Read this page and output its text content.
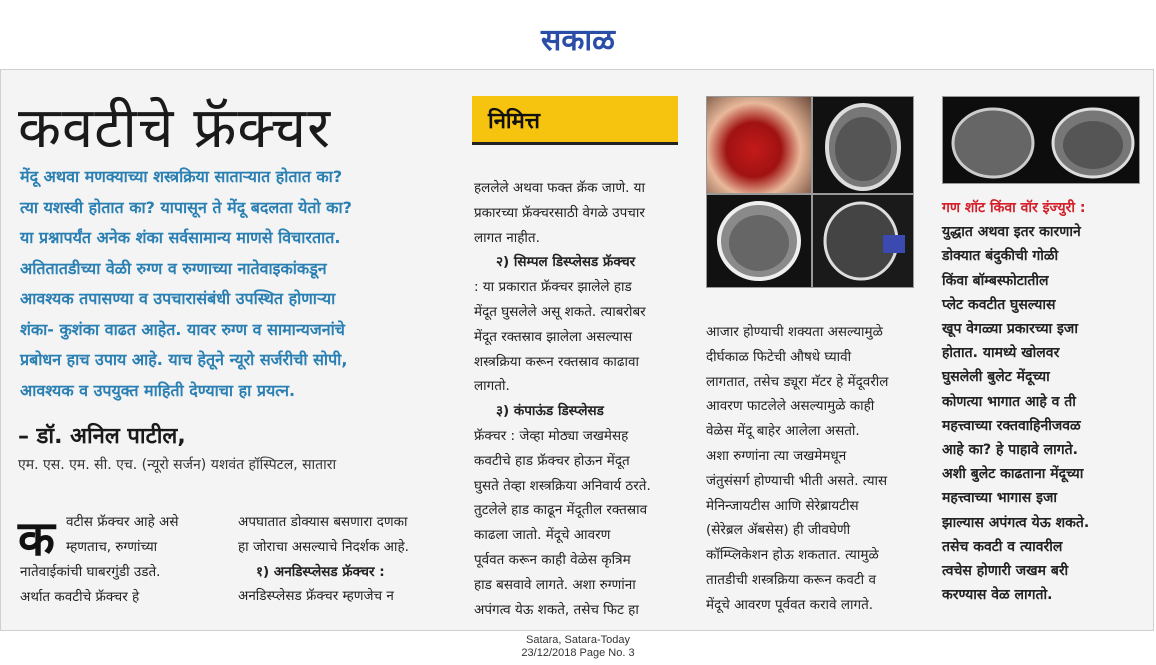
सकाळ
कवटीचे फ्रॅक्चर
मेंदू अथवा मणक्याच्या शस्त्रक्रिया सातार्‍यात होतात का?
त्या यशस्वी होतात का? यापासून ते मेंदू बदलता येतो का?
या प्रश्नापर्यंत अनेक शंका सर्वसामान्य माणसे विचारतात.
अतितातडीच्या वेळी रुग्ण व रुग्णाच्या नातेवाइकांकडून
आवश्यक तपासण्या व उपचारासंबंधी उपस्थित होणाऱ्या
शंका- कुशंका वाढत आहेत. यावर रुग्ण व सामान्यजनांचे
प्रबोधन हाच उपाय आहे. याच हेतूने न्यूरो सर्जरीची सोपी,
आवश्यक व उपयुक्त माहिती देण्याचा हा प्रयत्न.
– डॉ. अनिल पाटील,
एम. एस. एम. सी. एच. (न्यूरो सर्जन) यशवंत हॉस्पिटल, सातारा
क वटीस फ्रॅक्चर आहे असे
म्हणताच, रुग्णांच्या
नातेवाईकांची घाबरगुंडी उडते.
अर्थात कवटीचे फ्रॅक्चर हे
अपघातात डोक्यास बसणारा दणका
हा जोराचा असल्याचे निदर्शक आहे.
१) अनडिस्प्लेसड फ्रॅक्चर :
अनडिस्प्लेसड फ्रॅक्चर म्हणजेच न
निमित्त
हललेले अथवा फक्त क्रॅक जाणे. या
प्रकारच्या फ्रॅक्चरसाठी वेगळे उपचार
लागत नाहीत.
२) सिम्पल डिस्प्लेसड फ्रॅक्चर
: या प्रकारात फ्रॅक्चर झालेले हाड
मेंदूत घुसलेले असू शकते. त्याबरोबर
मेंदूत रक्तस्राव झालेला असल्यास
शस्त्रक्रिया करून रक्तस्राव काढावा
लागतो.
३) कंपाऊंड डिस्प्लेसड
फ्रॅक्चर : जेव्हा मोठ्या जखमेसह
कवटीचे हाड फ्रॅक्चर होऊन मेंदूत
घुसते तेव्हा शस्त्रक्रिया अनिवार्य ठरते.
तुटलेले हाड काढून मेंदूतील रक्तस्राव
काढला जातो. मेंदूचे आवरण
पूर्ववत करून काही वेळेस कृत्रिम
हाड बसवावे लागते. अशा रुग्णांना
अपंगत्व येऊ शकते, तसेच फिट हा
आजार होण्याची शक्यता असल्यामुळे
दीर्घकाळ फिटेची औषधे घ्यावी
लागतात, तसेच ड्यूरा मॅटर हे मेंदूवरील
आवरण फाटलेले असल्यामुळे काही
वेळेस मेंदू बाहेर आलेला असतो.
अशा रुग्णांना त्या जखमेमधून
जंतुसंसर्ग होण्याची भीती असते. त्यास
मेनिन्जायटीस आणि सेरेब्रायटीस
(सेरेब्रल ॲबसेस) ही जीवघेणी
कॉम्प्लिकेशन होऊ शकतात. त्यामुळे
तातडीची शस्त्रक्रिया करून कवटी व
मेंदूचे आवरण पूर्ववत करावे लागते.
गण शॉट किंवा वॉर इंज्युरी :
युद्धात अथवा इतर कारणाने
डोक्यात बंदुकीची गोळी
किंवा बॉम्बस्फोटातील
प्लेट कवटीत घुसल्यास
खूप वेगळ्या प्रकारच्या इजा
होतात. यामध्ये खोलवर
घुसलेली बुलेट मेंदूच्या
कोणत्या भागात आहे व ती
महत्त्वाच्या रक्तवाहिनीजवळ
आहे का? हे पाहावे लागते.
अशी बुलेट काढताना मेंदूच्या
महत्त्वाच्या भागास इजा
झाल्यास अपंगत्व येऊ शकते.
तसेच कवटी व त्यावरील
त्वचेस होणारी जखम बरी
करण्यास वेळ लागतो.
Satara, Satara-Today
23/12/2018 Page No. 3
